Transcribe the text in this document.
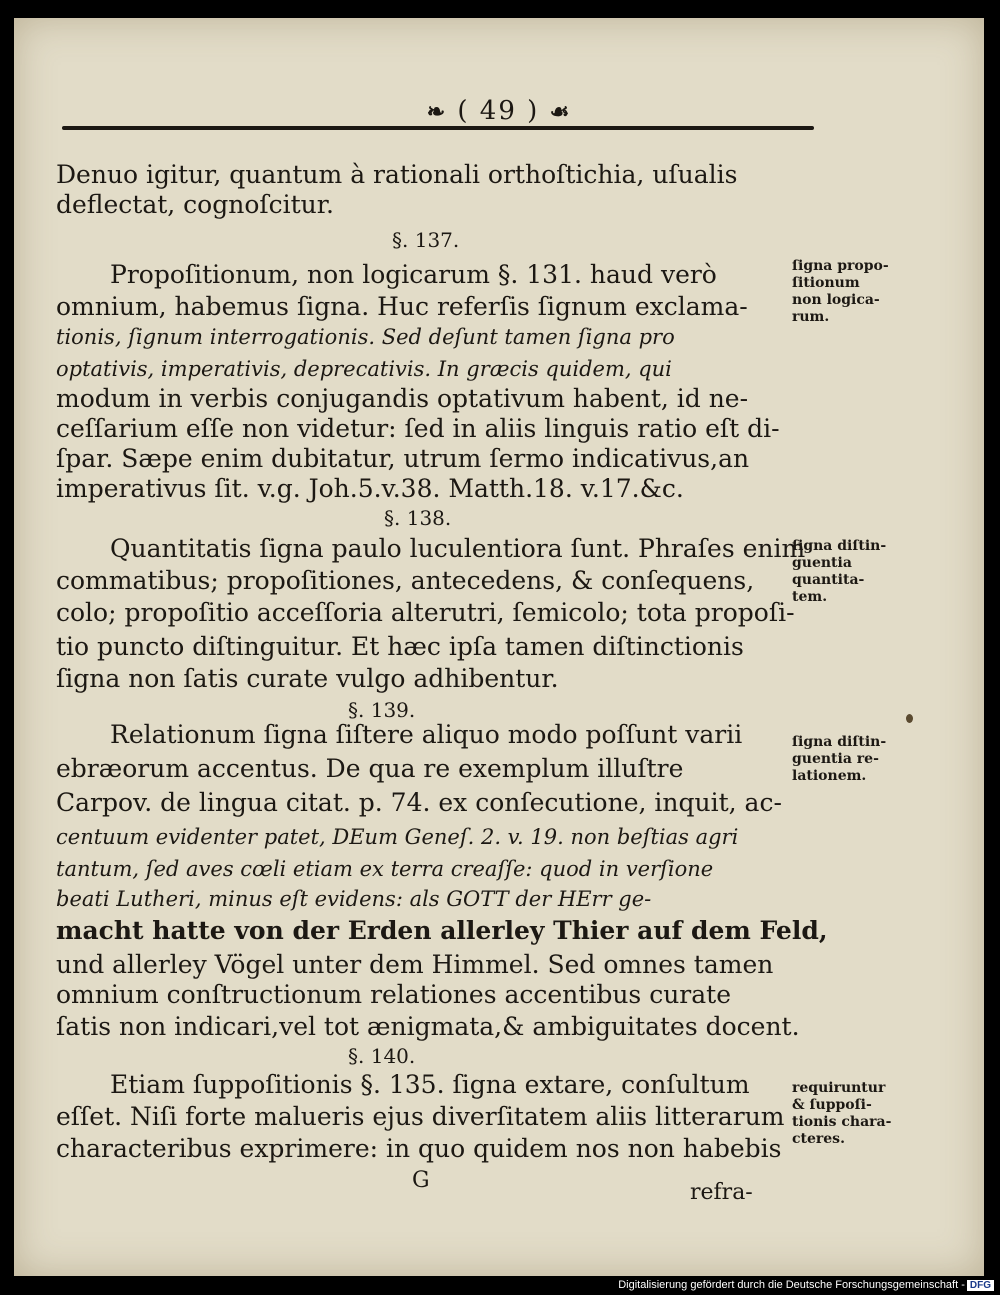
❧ ( 49 ) ☙
Denuo igitur, quantum à rationali orthoſtichia, uſualis
deflectat, cognoſcitur.
§. 137.
Propoſitionum, non logicarum §. 131. haud verò
omnium, habemus ſigna. Huc referſis ſignum exclama-
tionis, ſignum interrogationis. Sed deſunt tamen ſigna pro
optativis, imperativis, deprecativis. In græcis quidem, qui
modum in verbis conjugandis optativum habent, id ne-
ceſſarium eſſe non videtur: ſed in aliis linguis ratio eſt di-
ſpar. Sæpe enim dubitatur, utrum ſermo indicativus,an
imperativus ſit. v.g. Joh.5.v.38. Matth.18. v.17.&c.
§. 138.
Quantitatis ſigna paulo luculentiora ſunt. Phraſes enim
commatibus; propoſitiones, antecedens, & conſequens,
colo; propoſitio acceſſoria alterutri, ſemicolo; tota propoſi-
tio puncto diſtinguitur. Et hæc ipſa tamen diſtinctionis
ſigna non ſatis curate vulgo adhibentur.
§. 139.
Relationum ſigna ſiſtere aliquo modo poſſunt varii
ebræorum accentus. De qua re exemplum illuſtre
Carpov. de lingua citat. p. 74. ex conſecutione, inquit, ac-
centuum evidenter patet, DEum Geneſ. 2. v. 19. non beſtias agri
tantum, ſed aves cœli etiam ex terra creaſſe: quod in verſione
beati Lutheri, minus eſt evidens: als GOTT der HErr ge-
macht hatte von der Erden allerley Thier auf dem Feld,
und allerley Vögel unter dem Himmel. Sed omnes tamen
omnium conſtructionum relationes accentibus curate
ſatis non indicari,vel tot ænigmata,& ambiguitates docent.
§. 140.
Etiam ſuppoſitionis §. 135. ſigna extare, conſultum
eſſet. Niſi forte malueris ejus diverſitatem aliis litterarum
characteribus exprimere: in quo quidem nos non habebis
G	refra-
ſigna propo-
ſitionum
non logica-
rum.
ſigna diſtin-
guentia
quantita-
tem.
ſigna diſtin-
guentia re-
lationem.
requiruntur
& ſuppoſi-
tionis chara-
cteres.
Digitalisierung gefördert durch die Deutsche Forschungsgemeinschaft - DFG
